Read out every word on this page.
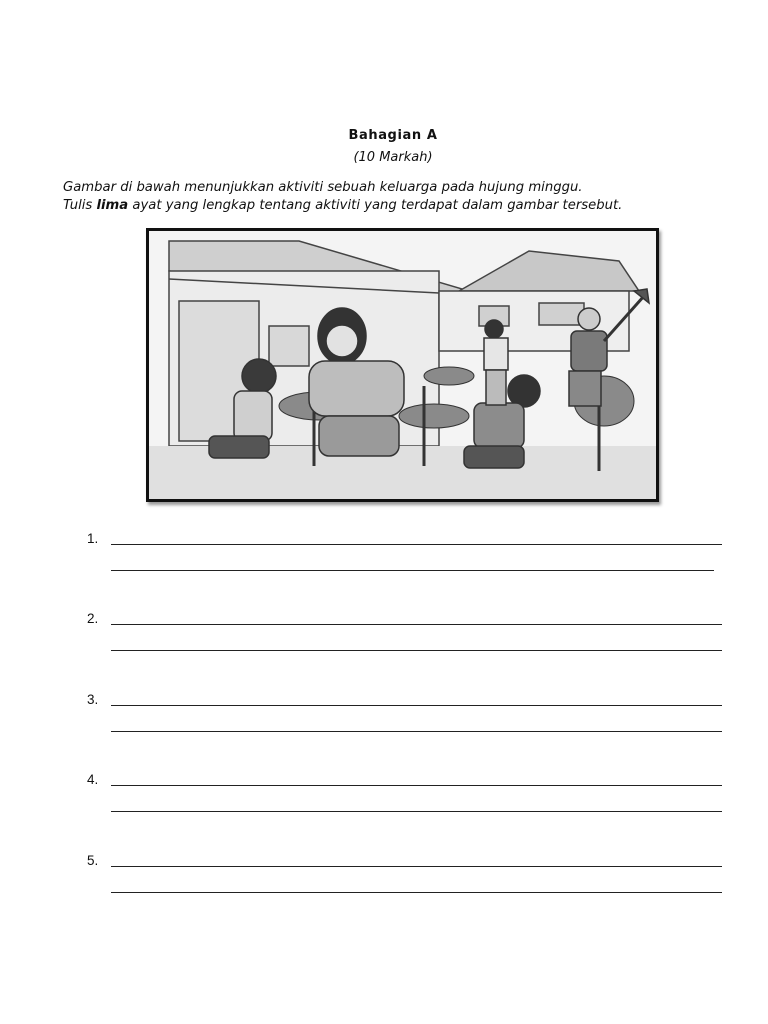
Bahagian A
(10 Markah)
Gambar di bawah menunjukkan aktiviti sebuah keluarga pada hujung minggu.
Tulis lima ayat yang lengkap tentang aktiviti yang terdapat dalam gambar tersebut.
1.
2.
3.
4.
5.
